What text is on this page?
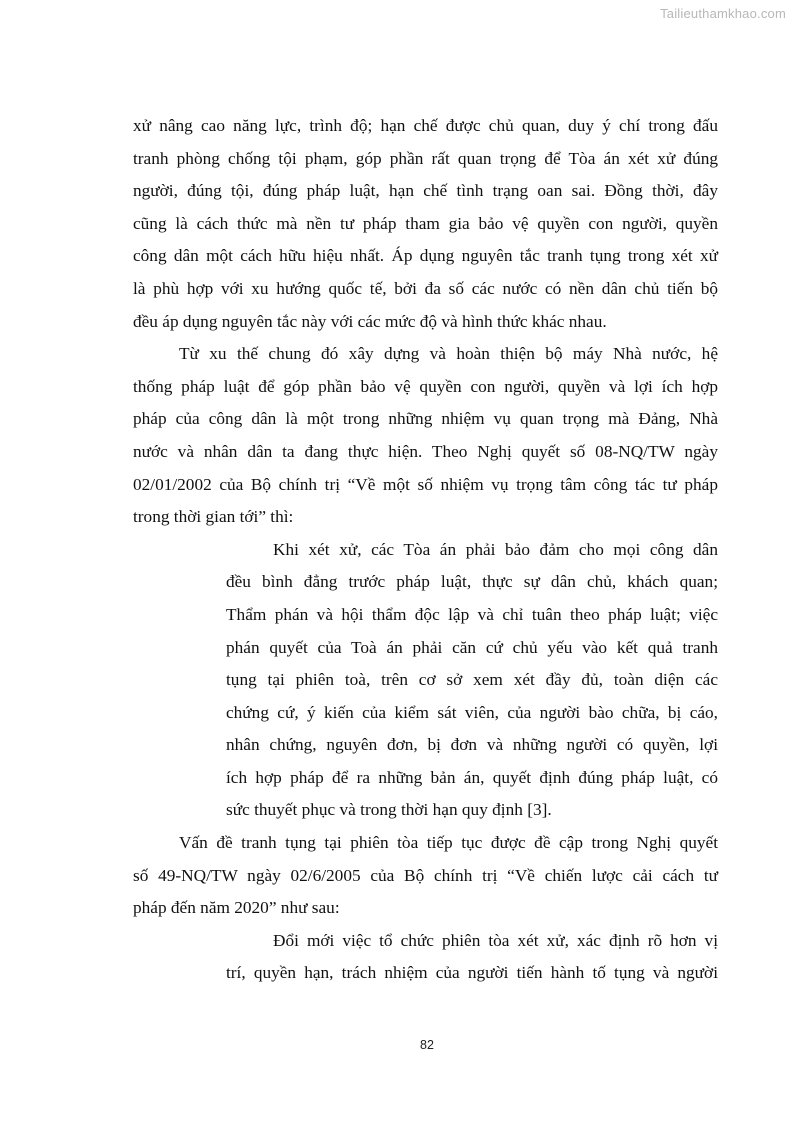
Tailieuthamkhao.com
xử nâng cao năng lực, trình độ; hạn chế được chủ quan, duy ý chí trong đấu
tranh phòng chống tội phạm, góp phần rất quan trọng để Tòa án xét xử đúng
người, đúng tội, đúng pháp luật, hạn chế tình trạng oan sai. Đồng thời, đây
cũng là cách thức mà nền tư pháp tham gia bảo vệ quyền con người, quyền
công dân một cách hữu hiệu nhất. Áp dụng nguyên tắc tranh tụng trong xét xử
là phù hợp với xu hướng quốc tế, bởi đa số các nước có nền dân chủ tiến bộ
đều áp dụng nguyên tắc này với các mức độ và hình thức khác nhau.
Từ xu thế chung đó xây dựng và hoàn thiện bộ máy Nhà nước, hệ
thống pháp luật để góp phần bảo vệ quyền con người, quyền và lợi ích hợp
pháp của công dân là một trong những nhiệm vụ quan trọng mà Đảng, Nhà
nước và nhân dân ta đang thực hiện. Theo Nghị quyết số 08-NQ/TW ngày
02/01/2002 của Bộ chính trị “Về một số nhiệm vụ trọng tâm công tác tư pháp
trong thời gian tới” thì:
Khi xét xử, các Tòa án phải bảo đảm cho mọi công dân
đều bình đẳng trước pháp luật, thực sự dân chủ, khách quan;
Thẩm phán và hội thẩm độc lập và chỉ tuân theo pháp luật; việc
phán quyết của Toà án phải căn cứ chủ yếu vào kết quả tranh
tụng tại phiên toà, trên cơ sở xem xét đầy đủ, toàn diện các
chứng cứ, ý kiến của kiểm sát viên, của người bào chữa, bị cáo,
nhân chứng, nguyên đơn, bị đơn và những người có quyền, lợi
ích hợp pháp để ra những bản án, quyết định đúng pháp luật, có
sức thuyết phục và trong thời hạn quy định [3].
Vấn đề tranh tụng tại phiên tòa tiếp tục được đề cập trong Nghị quyết
số 49-NQ/TW ngày 02/6/2005 của Bộ chính trị “Về chiến lược cải cách tư
pháp đến năm 2020” như sau:
Đổi mới việc tổ chức phiên tòa xét xử, xác định rõ hơn vị
trí, quyền hạn, trách nhiệm của người tiến hành tố tụng và người
82
